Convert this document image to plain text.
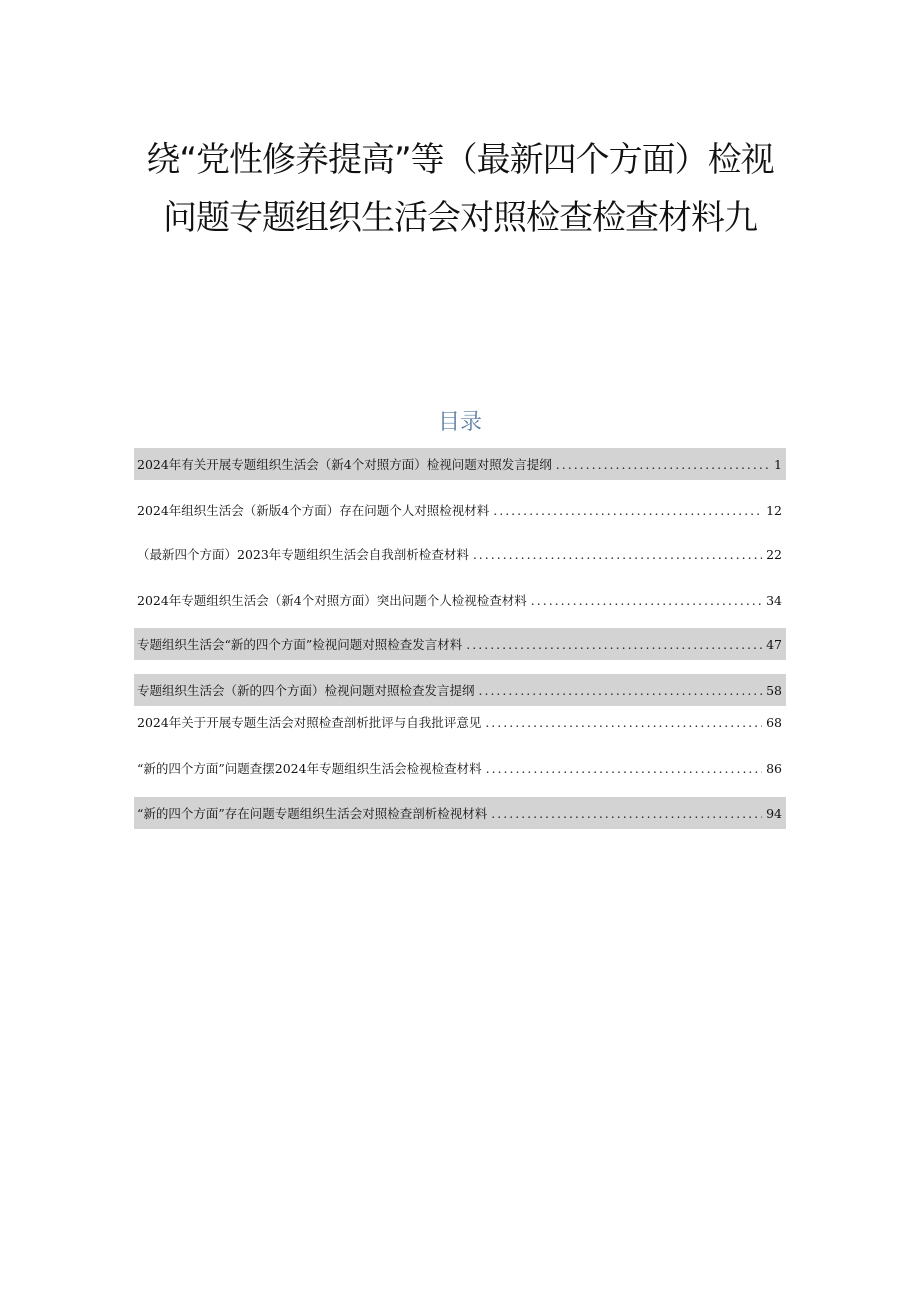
绕“党性修养提高”等（最新四个方面）检视
问题专题组织生活会对照检查检查材料九
目录
2024年有关开展专题组织生活会（新4个对照方面）检视问题对照发言提纲 .....	1
2024年组织生活会（新版4个方面）存在问题个人对照检视材料 .....	12
（最新四个方面）2023年专题组织生活会自我剖析检查材料 .....	22
2024年专题组织生活会（新4个对照方面）突出问题个人检视检查材料 .....	34
专题组织生活会“新的四个方面”检视问题对照检查发言材料 .....	47
专题组织生活会（新的四个方面）检视问题对照检查发言提纲 .....	58
2024年关于开展专题生活会对照检查剖析批评与自我批评意见 .....	68
“新的四个方面”问题查摆2024年专题组织生活会检视检查材料 .....	86
“新的四个方面”存在问题专题组织生活会对照检查剖析检视材料 .....	94
